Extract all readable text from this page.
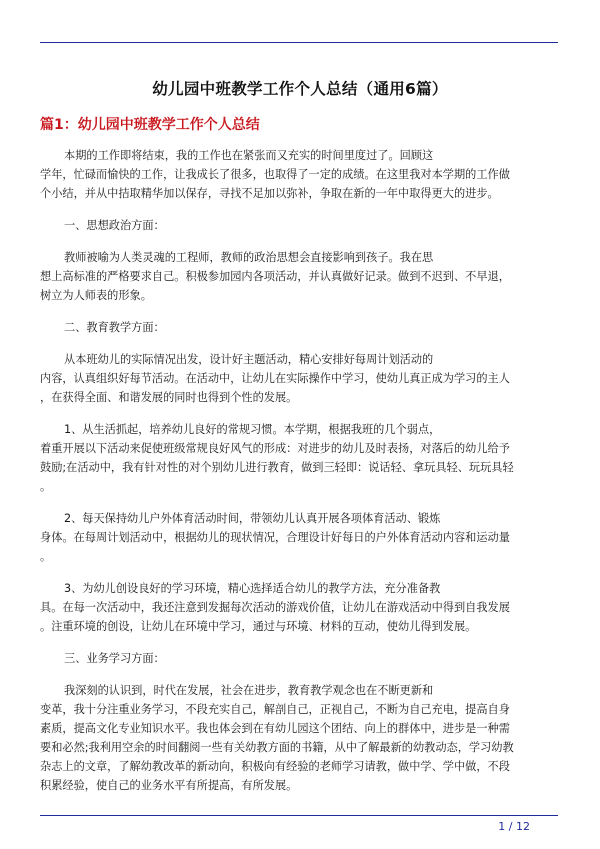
幼儿园中班教学工作个人总结（通用6篇）
篇1：幼儿园中班教学工作个人总结

本期的工作即将结束，我的工作也在紧张而又充实的时间里度过了。回顾这
学年，忙碌而愉快的工作，让我成长了很多，也取得了一定的成绩。在这里我对本学期的工作做
个小结，并从中拮取精华加以保存，寻找不足加以弥补，争取在新的一年中取得更大的进步。

一、思想政治方面：

教师被喻为人类灵魂的工程师，教师的政治思想会直接影响到孩子。我在思
想上高标准的严格要求自己。积极参加园内各项活动，并认真做好记录。做到不迟到、不早退，
树立为人师表的形象。

二、教育教学方面：

从本班幼儿的实际情况出发，设计好主题活动，精心安排好每周计划活动的
内容，认真组织好每节活动。在活动中，让幼儿在实际操作中学习，使幼儿真正成为学习的主人
，在获得全面、和谐发展的同时也得到个性的发展。

1、从生活抓起，培养幼儿良好的常规习惯。本学期，根据我班的几个弱点，
着重开展以下活动来促使班级常规良好风气的形成：对进步的幼儿及时表扬，对落后的幼儿给予
鼓励;在活动中，我有针对性的对个别幼儿进行教育，做到三轻即：说话轻、拿玩具轻、玩玩具轻
。

2、每天保持幼儿户外体育活动时间，带领幼儿认真开展各项体育活动、锻炼
身体。在每周计划活动中，根据幼儿的现状情况，合理设计好每日的户外体育活动内容和运动量
。

3、为幼儿创设良好的学习环境，精心选择适合幼儿的教学方法，充分准备教
具。在每一次活动中，我还注意到发掘每次活动的游戏价值，让幼儿在游戏活动中得到自我发展
。注重环境的创设，让幼儿在环境中学习，通过与环境、材料的互动，使幼儿得到发展。

三、业务学习方面：

我深刻的认识到，时代在发展，社会在进步，教育教学观念也在不断更新和
变革，我十分注重业务学习，不段充实自己，解剖自己，正视自己，不断为自己充电，提高自身
素质，提高文化专业知识水平。我也体会到在有幼儿园这个团结、向上的群体中，进步是一种需
要和必然;我利用空余的时间翻阅一些有关幼教方面的书籍，从中了解最新的幼教动态，学习幼教
杂志上的文章，了解幼教改革的新动向，积极向有经验的老师学习请教，做中学、学中做，不段
积累经验，使自己的业务水平有所提高，有所发展。

1 / 12
